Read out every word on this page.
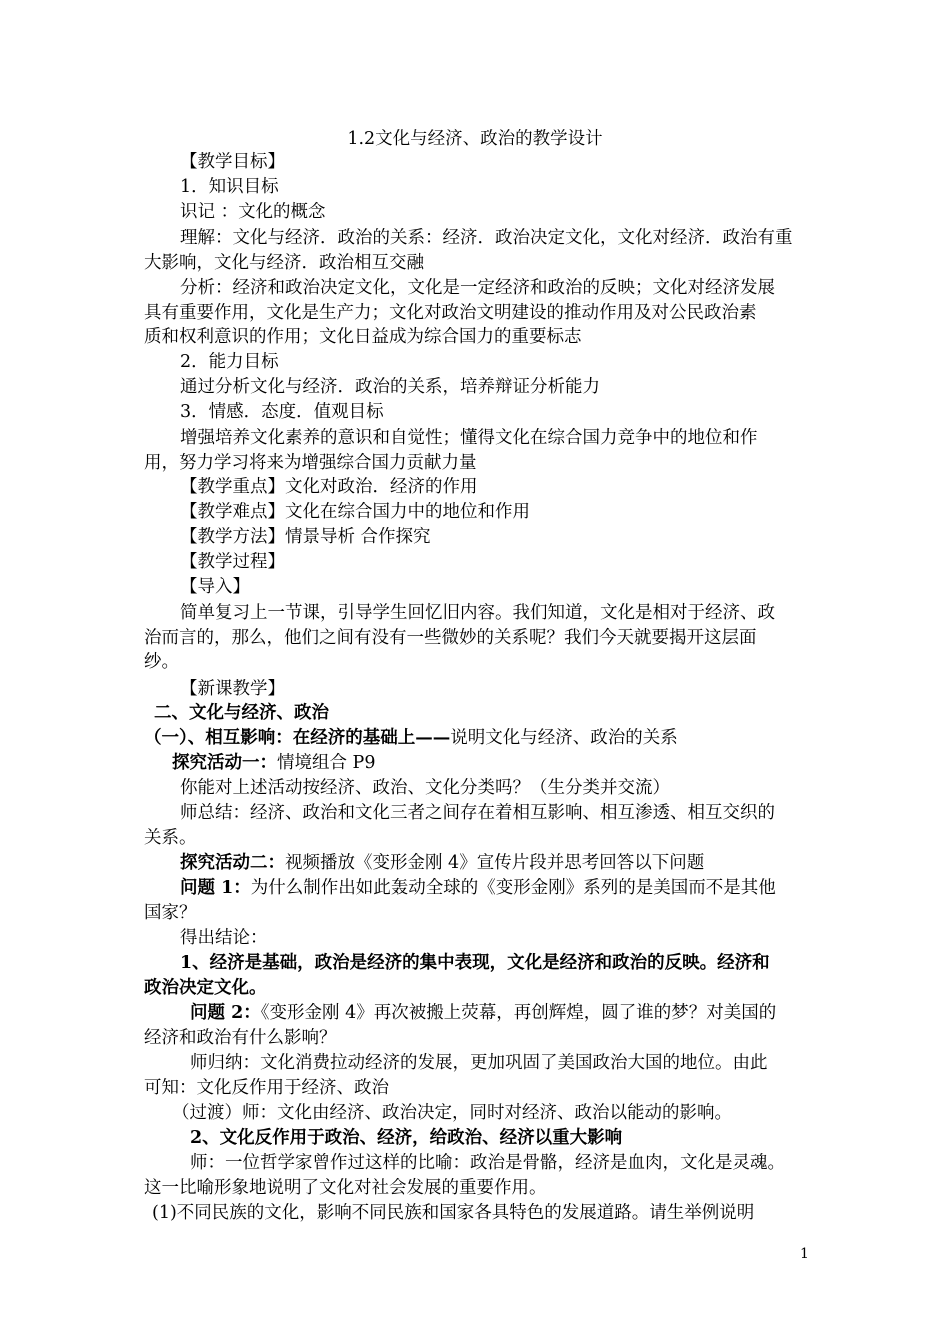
1.2文化与经济、政治的教学设计
【教学目标】
1．知识目标
识记 ：文化的概念
理解：文化与经济．政治的关系：经济．政治决定文化，文化对经济．政治有重
大影响，文化与经济．政治相互交融
分析：经济和政治决定文化，文化是一定经济和政治的反映；文化对经济发展
具有重要作用，文化是生产力；文化对政治文明建设的推动作用及对公民政治素
质和权利意识的作用；文化日益成为综合国力的重要标志
2．能力目标
通过分析文化与经济．政治的关系，培养辩证分析能力
3．情感．态度．值观目标
增强培养文化素养的意识和自觉性；懂得文化在综合国力竞争中的地位和作
用，努力学习将来为增强综合国力贡献力量
【教学重点】文化对政治．经济的作用
【教学难点】文化在综合国力中的地位和作用
【教学方法】情景导析 合作探究
【教学过程】
【导入】
简单复习上一节课，引导学生回忆旧内容。我们知道，文化是相对于经济、政
治而言的，那么，他们之间有没有一些微妙的关系呢？我们今天就要揭开这层面
纱。
【新课教学】
二、文化与经济、政治
（一）、相互影响：在经济的基础上——说明文化与经济、政治的关系
探究活动一：情境组合 P9
你能对上述活动按经济、政治、文化分类吗？（生分类并交流）
师总结：经济、政治和文化三者之间存在着相互影响、相互渗透、相互交织的
关系。
探究活动二：视频播放《变形金刚 4》宣传片段并思考回答以下问题
问题 1：为什么制作出如此轰动全球的《变形金刚》系列的是美国而不是其他
国家？
得出结论：
1、经济是基础，政治是经济的集中表现，文化是经济和政治的反映。经济和
政治决定文化。
问题 2：《变形金刚 4》再次被搬上荧幕，再创辉煌，圆了谁的梦？对美国的
经济和政治有什么影响？
师归纳：文化消费拉动经济的发展，更加巩固了美国政治大国的地位。由此
可知：文化反作用于经济、政治
（过渡）师：文化由经济、政治决定，同时对经济、政治以能动的影响。
2、文化反作用于政治、经济，给政治、经济以重大影响
师：一位哲学家曾作过这样的比喻：政治是骨骼，经济是血肉，文化是灵魂。
这一比喻形象地说明了文化对社会发展的重要作用。
(1)不同民族的文化，影响不同民族和国家各具特色的发展道路。请生举例说明
1
